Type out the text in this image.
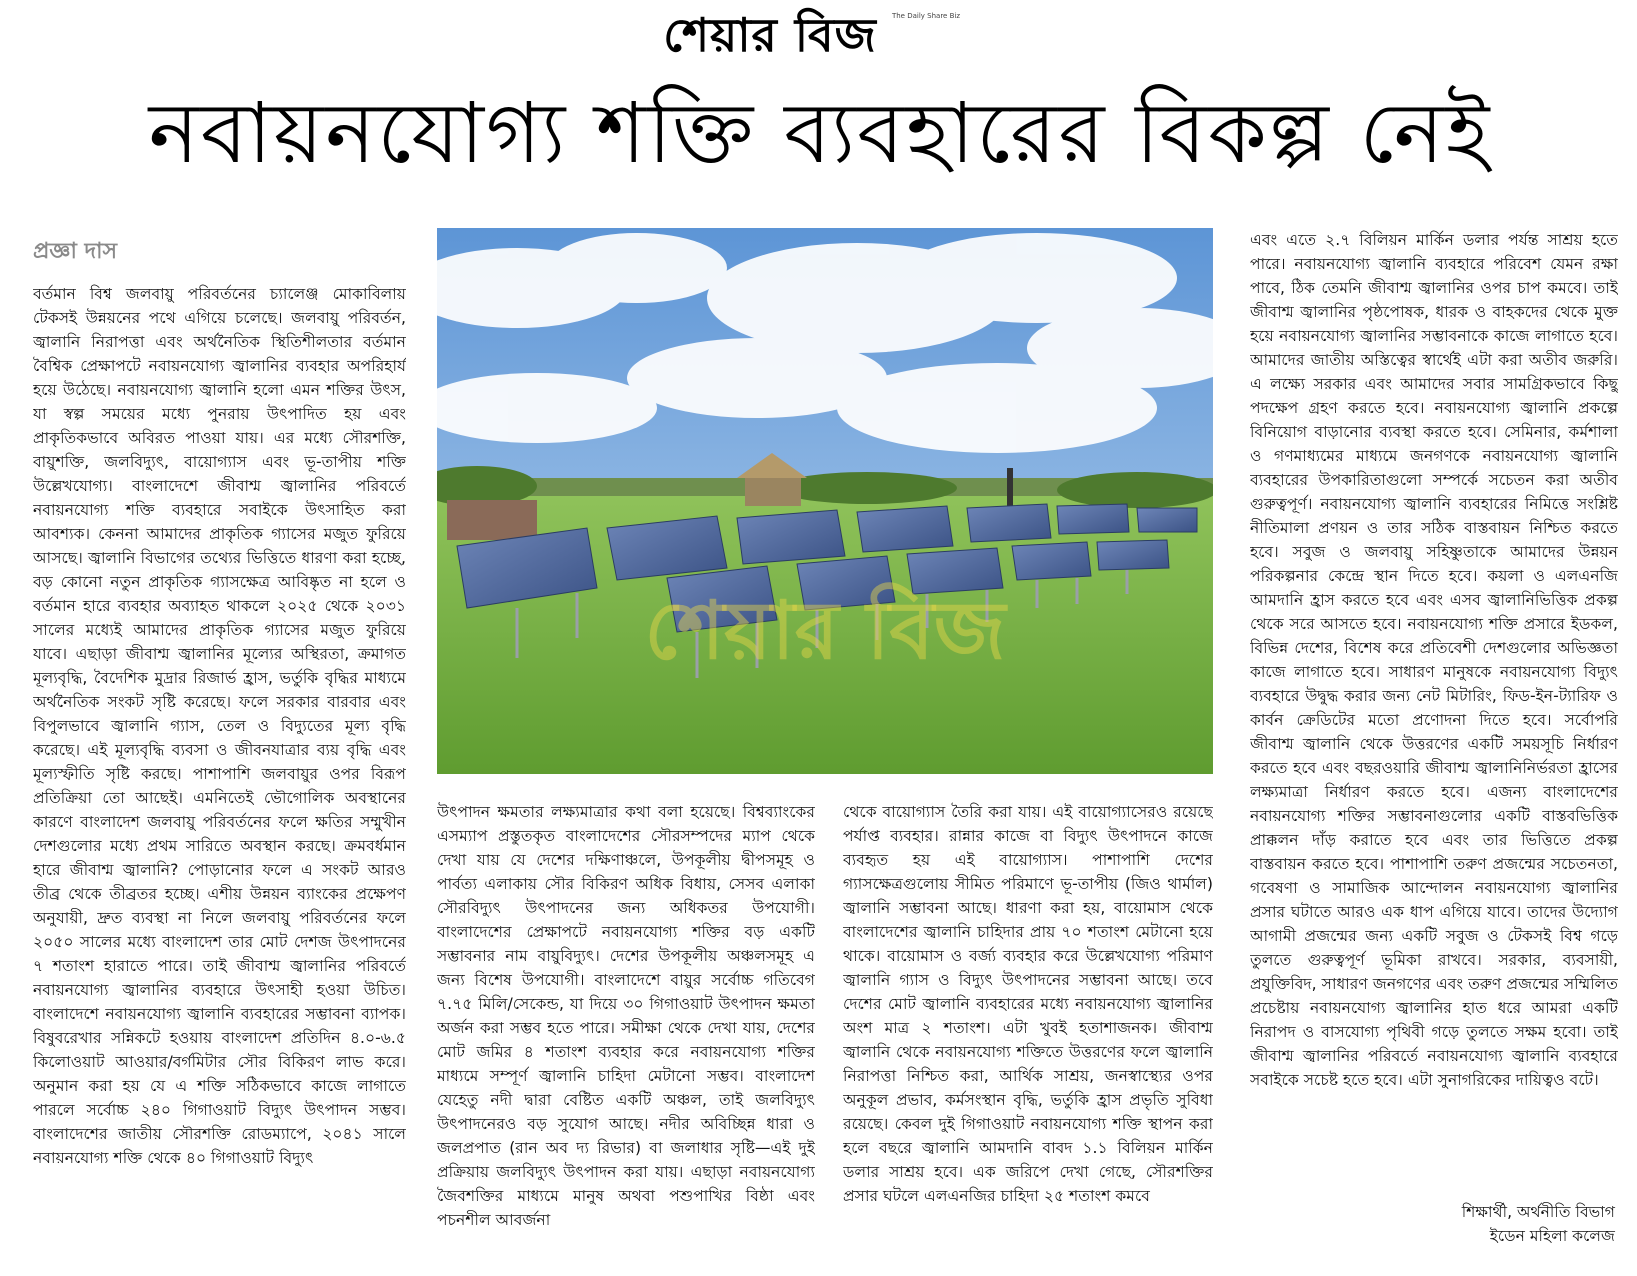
শেয়ার বিজ The Daily Share Biz
নবায়নযোগ্য শক্তি ব্যবহারের বিকল্প নেই
প্রজ্ঞা দাস

বর্তমান বিশ্ব জলবায়ু পরিবর্তনের চ্যালেঞ্জ মোকাবিলায় টেকসই উন্নয়নের পথে এগিয়ে চলেছে। জলবায়ু পরিবর্তন, জ্বালানি নিরাপত্তা এবং অর্থনৈতিক স্থিতিশীলতার বর্তমান বৈশ্বিক প্রেক্ষাপটে নবায়নযোগ্য জ্বালানির ব্যবহার অপরিহার্য হয়ে উঠেছে। নবায়নযোগ্য জ্বালানি হলো এমন শক্তির উৎস, যা স্বল্প সময়ের মধ্যে পুনরায় উৎপাদিত হয় এবং প্রাকৃতিকভাবে অবিরত পাওয়া যায়। এর মধ্যে সৌরশক্তি, বায়ুশক্তি, জলবিদ্যুৎ, বায়োগ্যাস এবং ভূ-তাপীয় শক্তি উল্লেখযোগ্য। বাংলাদেশে জীবাশ্ম জ্বালানির পরিবর্তে নবায়নযোগ্য শক্তি ব্যবহারে সবাইকে উৎসাহিত করা আবশ্যক। কেননা আমাদের প্রাকৃতিক গ্যাসের মজুত ফুরিয়ে আসছে। জ্বালানি বিভাগের তথ্যের ভিত্তিতে ধারণা করা হচ্ছে, বড় কোনো নতুন প্রাকৃতিক গ্যাসক্ষেত্র আবিষ্কৃত না হলে ও বর্তমান হারে ব্যবহার অব্যাহত থাকলে ২০২৫ থেকে ২০৩১ সালের মধ্যেই আমাদের প্রাকৃতিক গ্যাসের মজুত ফুরিয়ে যাবে। এছাড়া জীবাশ্ম জ্বালানির মূল্যের অস্থিরতা, ক্রমাগত মূল্যবৃদ্ধি, বৈদেশিক মুদ্রার রিজার্ভ হ্রাস, ভর্তুকি বৃদ্ধির মাধ্যমে অর্থনৈতিক সংকট সৃষ্টি করেছে। ফলে সরকার বারবার এবং বিপুলভাবে জ্বালানি গ্যাস, তেল ও বিদ্যুতের মূল্য বৃদ্ধি করেছে। এই মূল্যবৃদ্ধি ব্যবসা ও জীবনযাত্রার ব্যয় বৃদ্ধি এবং মূল্যস্ফীতি সৃষ্টি করছে। পাশাপাশি জলবায়ুর ওপর বিরূপ প্রতিক্রিয়া তো আছেই। এমনিতেই ভৌগোলিক অবস্থানের কারণে বাংলাদেশ জলবায়ু পরিবর্তনের ফলে ক্ষতির সম্মুখীন দেশগুলোর মধ্যে প্রথম সারিতে অবস্থান করছে। ক্রমবর্ধমান হারে জীবাশ্ম জ্বালানি? পোড়ানোর ফলে এ সংকট আরও তীব্র থেকে তীব্রতর হচ্ছে। এশীয় উন্নয়ন ব্যাংকের প্রক্ষেপণ অনুযায়ী, দ্রুত ব্যবস্থা না নিলে জলবায়ু পরিবর্তনের ফলে ২০৫০ সালের মধ্যে বাংলাদেশ তার মোট দেশজ উৎপাদনের ৭ শতাংশ হারাতে পারে। তাই জীবাশ্ম জ্বালানির পরিবর্তে নবায়নযোগ্য জ্বালানির ব্যবহারে উৎসাহী হওয়া উচিত। বাংলাদেশে নবায়নযোগ্য জ্বালানি ব্যবহারের সম্ভাবনা ব্যাপক। বিষুবরেখার সন্নিকটে হওয়ায় বাংলাদেশ প্রতিদিন ৪.০-৬.৫ কিলোওয়াট আওয়ার/বর্গমিটার সৌর বিকিরণ লাভ করে। অনুমান করা হয় যে এ শক্তি সঠিকভাবে কাজে লাগাতে পারলে সর্বোচ্চ ২৪০ গিগাওয়াট বিদ্যুৎ উৎপাদন সম্ভব। বাংলাদেশের জাতীয় সৌরশক্তি রোডম্যাপে, ২০৪১ সালে নবায়নযোগ্য শক্তি থেকে ৪০ গিগাওয়াট বিদ্যুৎ

শেয়ার বিজ

উৎপাদন ক্ষমতার লক্ষ্যমাত্রার কথা বলা হয়েছে। বিশ্বব্যাংকের এসম্যাপ প্রস্তুতকৃত বাংলাদেশের সৌরসম্পদের ম্যাপ থেকে দেখা যায় যে দেশের দক্ষিণাঞ্চলে, উপকূলীয় দ্বীপসমূহ ও পার্বত্য এলাকায় সৌর বিকিরণ অধিক বিধায়, সেসব এলাকা সৌরবিদ্যুৎ উৎপাদনের জন্য অধিকতর উপযোগী। বাংলাদেশের প্রেক্ষাপটে নবায়নযোগ্য শক্তির বড় একটি সম্ভাবনার নাম বায়ুবিদ্যুৎ। দেশের উপকূলীয় অঞ্চলসমূহ এ জন্য বিশেষ উপযোগী। বাংলাদেশে বায়ুর সর্বোচ্চ গতিবেগ ৭.৭৫ মিলি/সেকেন্ড, যা দিয়ে ৩০ গিগাওয়াট উৎপাদন ক্ষমতা অর্জন করা সম্ভব হতে পারে। সমীক্ষা থেকে দেখা যায়, দেশের মোট জমির ৪ শতাংশ ব্যবহার করে নবায়নযোগ্য শক্তির মাধ্যমে সম্পূর্ণ জ্বালানি চাহিদা মেটানো সম্ভব। বাংলাদেশ যেহেতু নদী দ্বারা বেষ্টিত একটি অঞ্চল, তাই জলবিদ্যুৎ উৎপাদনেরও বড় সুযোগ আছে। নদীর অবিচ্ছিন্ন ধারা ও জলপ্রপাত (রান অব দ্য রিভার) বা জলাধার সৃষ্টি—এই দুই প্রক্রিয়ায় জলবিদ্যুৎ উৎপাদন করা যায়। এছাড়া নবায়নযোগ্য জৈবশক্তির মাধ্যমে মানুষ অথবা পশুপাখির বিষ্ঠা এবং পচনশীল আবর্জনা

থেকে বায়োগ্যাস তৈরি করা যায়। এই বায়োগ্যাসেরও রয়েছে পর্যাপ্ত ব্যবহার। রান্নার কাজে বা বিদ্যুৎ উৎপাদনে কাজে ব্যবহৃত হয় এই বায়োগ্যাস। পাশাপাশি দেশের গ্যাসক্ষেত্রগুলোয় সীমিত পরিমাণে ভূ-তাপীয় (জিও থার্মাল) জ্বালানি সম্ভাবনা আছে। ধারণা করা হয়, বায়োমাস থেকে বাংলাদেশের জ্বালানি চাহিদার প্রায় ৭০ শতাংশ মেটানো হয়ে থাকে। বায়োমাস ও বর্জ্য ব্যবহার করে উল্লেখযোগ্য পরিমাণ জ্বালানি গ্যাস ও বিদ্যুৎ উৎপাদনের সম্ভাবনা আছে। তবে দেশের মোট জ্বালানি ব্যবহারের মধ্যে নবায়নযোগ্য জ্বালানির অংশ মাত্র ২ শতাংশ। এটা খুবই হতাশাজনক। জীবাশ্ম জ্বালানি থেকে নবায়নযোগ্য শক্তিতে উত্তরণের ফলে জ্বালানি নিরাপত্তা নিশ্চিত করা, আর্থিক সাশ্রয়, জনস্বাস্থ্যের ওপর অনুকূল প্রভাব, কর্মসংস্থান বৃদ্ধি, ভর্তুকি হ্রাস প্রভৃতি সুবিধা রয়েছে। কেবল দুই গিগাওয়াট নবায়নযোগ্য শক্তি স্থাপন করা হলে বছরে জ্বালানি আমদানি বাবদ ১.১ বিলিয়ন মার্কিন ডলার সাশ্রয় হবে। এক জরিপে দেখা গেছে, সৌরশক্তির প্রসার ঘটলে এলএনজির চাহিদা ২৫ শতাংশ কমবে

এবং এতে ২.৭ বিলিয়ন মার্কিন ডলার পর্যন্ত সাশ্রয় হতে পারে। নবায়নযোগ্য জ্বালানি ব্যবহারে পরিবেশ যেমন রক্ষা পাবে, ঠিক তেমনি জীবাশ্ম জ্বালানির ওপর চাপ কমবে। তাই জীবাশ্ম জ্বালানির পৃষ্ঠপোষক, ধারক ও বাহকদের থেকে মুক্ত হয়ে নবায়নযোগ্য জ্বালানির সম্ভাবনাকে কাজে লাগাতে হবে। আমাদের জাতীয় অস্তিত্বের স্বার্থেই এটা করা অতীব জরুরি। এ লক্ষ্যে সরকার এবং আমাদের সবার সামগ্রিকভাবে কিছু পদক্ষেপ গ্রহণ করতে হবে। নবায়নযোগ্য জ্বালানি প্রকল্পে বিনিয়োগ বাড়ানোর ব্যবস্থা করতে হবে। সেমিনার, কর্মশালা ও গণমাধ্যমের মাধ্যমে জনগণকে নবায়নযোগ্য জ্বালানি ব্যবহারের উপকারিতাগুলো সম্পর্কে সচেতন করা অতীব গুরুত্বপূর্ণ। নবায়নযোগ্য জ্বালানি ব্যবহারের নিমিত্তে সংশ্লিষ্ট নীতিমালা প্রণয়ন ও তার সঠিক বাস্তবায়ন নিশ্চিত করতে হবে। সবুজ ও জলবায়ু সহিষ্ণুতাকে আমাদের উন্নয়ন পরিকল্পনার কেন্দ্রে স্থান দিতে হবে। কয়লা ও এলএনজি আমদানি হ্রাস করতে হবে এবং এসব জ্বালানিভিত্তিক প্রকল্প থেকে সরে আসতে হবে। নবায়নযোগ্য শক্তি প্রসারে ইডকল, বিভিন্ন দেশের, বিশেষ করে প্রতিবেশী দেশগুলোর অভিজ্ঞতা কাজে লাগাতে হবে। সাধারণ মানুষকে নবায়নযোগ্য বিদ্যুৎ ব্যবহারে উদ্বুদ্ধ করার জন্য নেট মিটারিং, ফিড-ইন-ট্যারিফ ও কার্বন ক্রেডিটের মতো প্রণোদনা দিতে হবে। সর্বোপরি জীবাশ্ম জ্বালানি থেকে উত্তরণের একটি সময়সূচি নির্ধারণ করতে হবে এবং বছরওয়ারি জীবাশ্ম জ্বালানিনির্ভরতা হ্রাসের লক্ষ্যমাত্রা নির্ধারণ করতে হবে। এজন্য বাংলাদেশের নবায়নযোগ্য শক্তির সম্ভাবনাগুলোর একটি বাস্তবভিত্তিক প্রাক্কলন দাঁড় করাতে হবে এবং তার ভিত্তিতে প্রকল্প বাস্তবায়ন করতে হবে। পাশাপাশি তরুণ প্রজন্মের সচেতনতা, গবেষণা ও সামাজিক আন্দোলন নবায়নযোগ্য জ্বালানির প্রসার ঘটাতে আরও এক ধাপ এগিয়ে যাবে। তাদের উদ্যোগ আগামী প্রজন্মের জন্য একটি সবুজ ও টেকসই বিশ্ব গড়ে তুলতে গুরুত্বপূর্ণ ভূমিকা রাখবে। সরকার, ব্যবসায়ী, প্রযুক্তিবিদ, সাধারণ জনগণের এবং তরুণ প্রজন্মের সম্মিলিত প্রচেষ্টায় নবায়নযোগ্য জ্বালানির হাত ধরে আমরা একটি নিরাপদ ও বাসযোগ্য পৃথিবী গড়ে তুলতে সক্ষম হবো। তাই জীবাশ্ম জ্বালানির পরিবর্তে নবায়নযোগ্য জ্বালানি ব্যবহারে সবাইকে সচেষ্ট হতে হবে। এটা সুনাগরিকের দায়িত্বও বটে।

শিক্ষার্থী, অর্থনীতি বিভাগ
ইডেন মহিলা কলেজ
